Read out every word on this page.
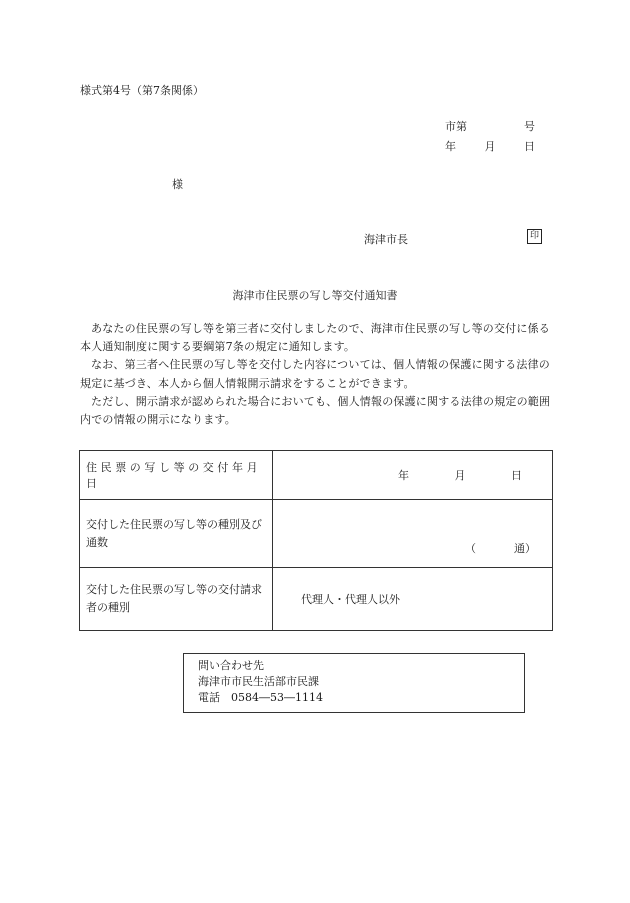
様式第4号（第7条関係）
市第	号
年	月	日
様
海津市長	印
海津市住民票の写し等交付通知書

あなたの住民票の写し等を第三者に交付しましたので、海津市住民票の写し等の交付に係る本人通知制度に関する要綱第7条の規定に通知します。

なお、第三者へ住民票の写し等を交付した内容については、個人情報の保護に関する法律の規定に基づき、本人から個人情報開示請求をすることができます。

ただし、開示請求が認められた場合においても、個人情報の保護に関する法律の規定の範囲内での情報の開示になります。

住民票の写し等の交付年月日	年 月 日
交付した住民票の写し等の種別及び通数	（ 通）

交付した住民票の写し等の交付請求者の種別	代理人・代理人以外
問い合わせ先
海津市市民生活部市民課
電話　0584―53―1114
